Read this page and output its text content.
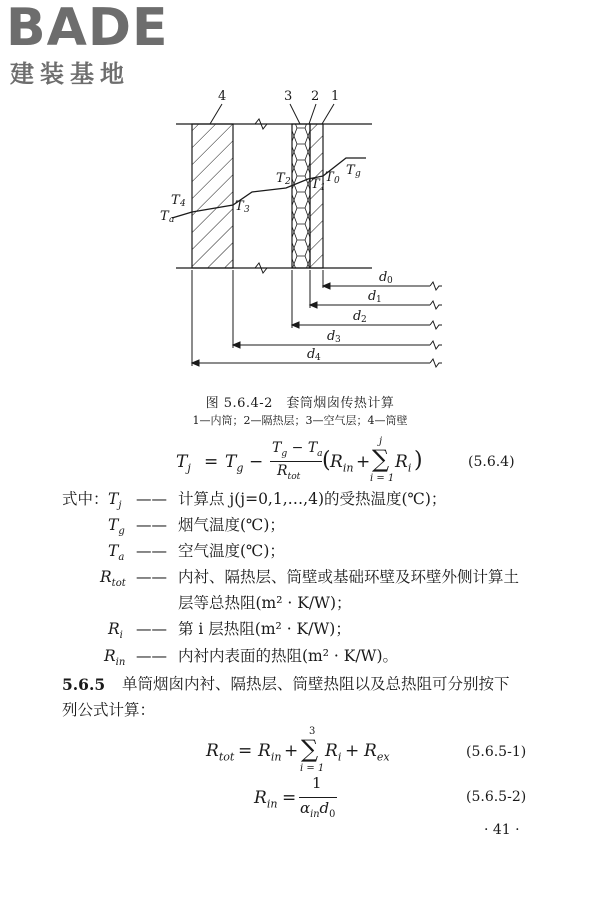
BADE
建装基地
4	3 2 1
T 4
T a
T 3
T 2 T 1
T 0
T g
d 0
d 1
d 2
d 3
d 4
图 5.6.4-2　套筒烟囱传热计算
1—内筒；2—隔热层；3—空气层；4—筒壁
$T_j = T_g$ −
$T_g - T_a$
$R_{tot}$
( $R_{in}$ +
j
∑
i = 1
$R_i$ )	(5.6.4)
式中： $T_j$ —— 计算点 j(j=0,1,…,4)的受热温度(℃)；
$T_g$ —— 烟气温度(℃)；
$T_a$ —— 空气温度(℃)；
$R_{tot}$ —— 内衬、隔热层、筒壁或基础环壁及环壁外侧计算土
层等总热阻(m² · K/W)；
$R_i$ —— 第 i 层热阻(m² · K/W)；
$R_{in}$ —— 内衬内表面的热阻(m² · K/W)。
5.6.5 单筒烟囱内衬、隔热层、筒壁热阻以及总热阻可分别按下
列公式计算：
$R_{tot} = R_{in}$ +
3
∑
i = 1
$R_i + R_{ex}$	(5.6.5-1)
$R_{in}$ =
1
$\alpha_{in}d_0$
(5.6.5-2)
· 41 ·
